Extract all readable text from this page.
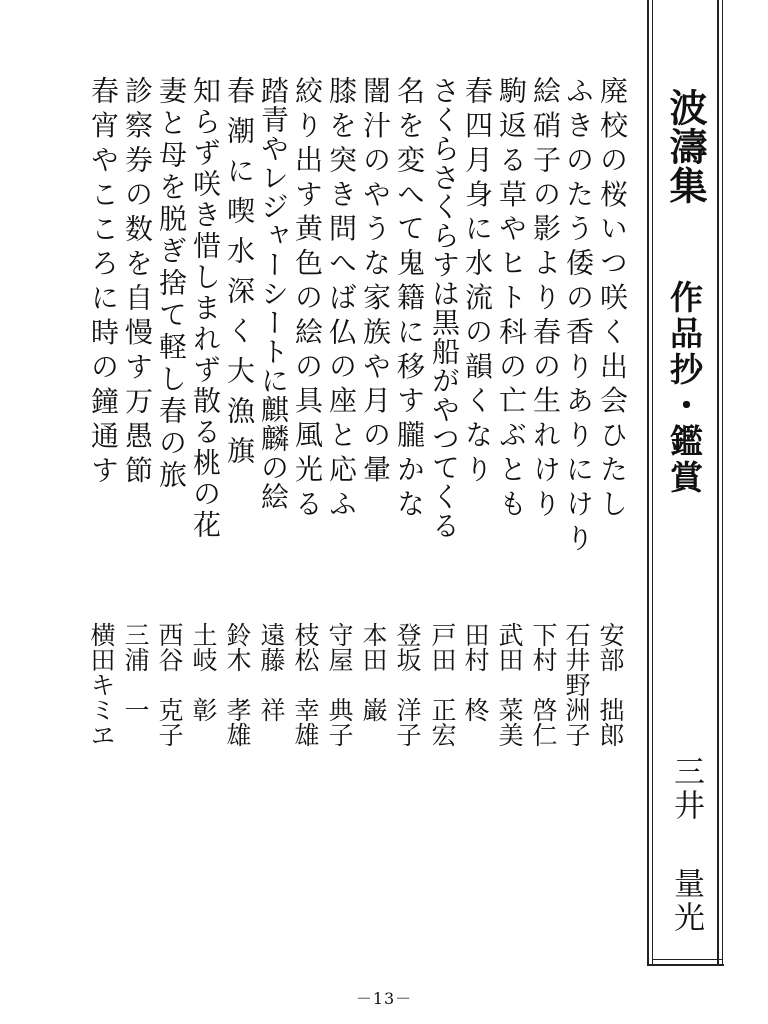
波濤集
作品抄・鑑賞
三井量光
廃校の桜いつ咲く出会ひたし
ふきのたう倭の香りありにけり
絵硝子の影より春の生れけり
駒返る草やヒト科の亡ぶとも
春四月身に水流の韻くなり
さくらさくらすは黒船がやつてくる
名を変へて鬼籍に移す朧かな
闇汁のやうな家族や月の暈
膝を突き問へば仏の座と応ふ
絞り出す黄色の絵の具風光る
踏青やレジャーシートに麒麟の絵
春潮に喫水深く大漁旗
知らず咲き惜しまれず散る桃の花
妻と母を脱ぎ捨て軽し春の旅
診察券の数を自慢す万愚節
春宵やこころに時の鐘通す
安部　拙郎
石井野洲子
下村　啓仁
武田　菜美
田村　柊
戸田　正宏
登坂　洋子
本田　巌
守屋　典子
枝松　幸雄
遠藤　祥
鈴木　孝雄
土岐　彰
西谷　克子
三浦　一
横田キミヱ
－13－
